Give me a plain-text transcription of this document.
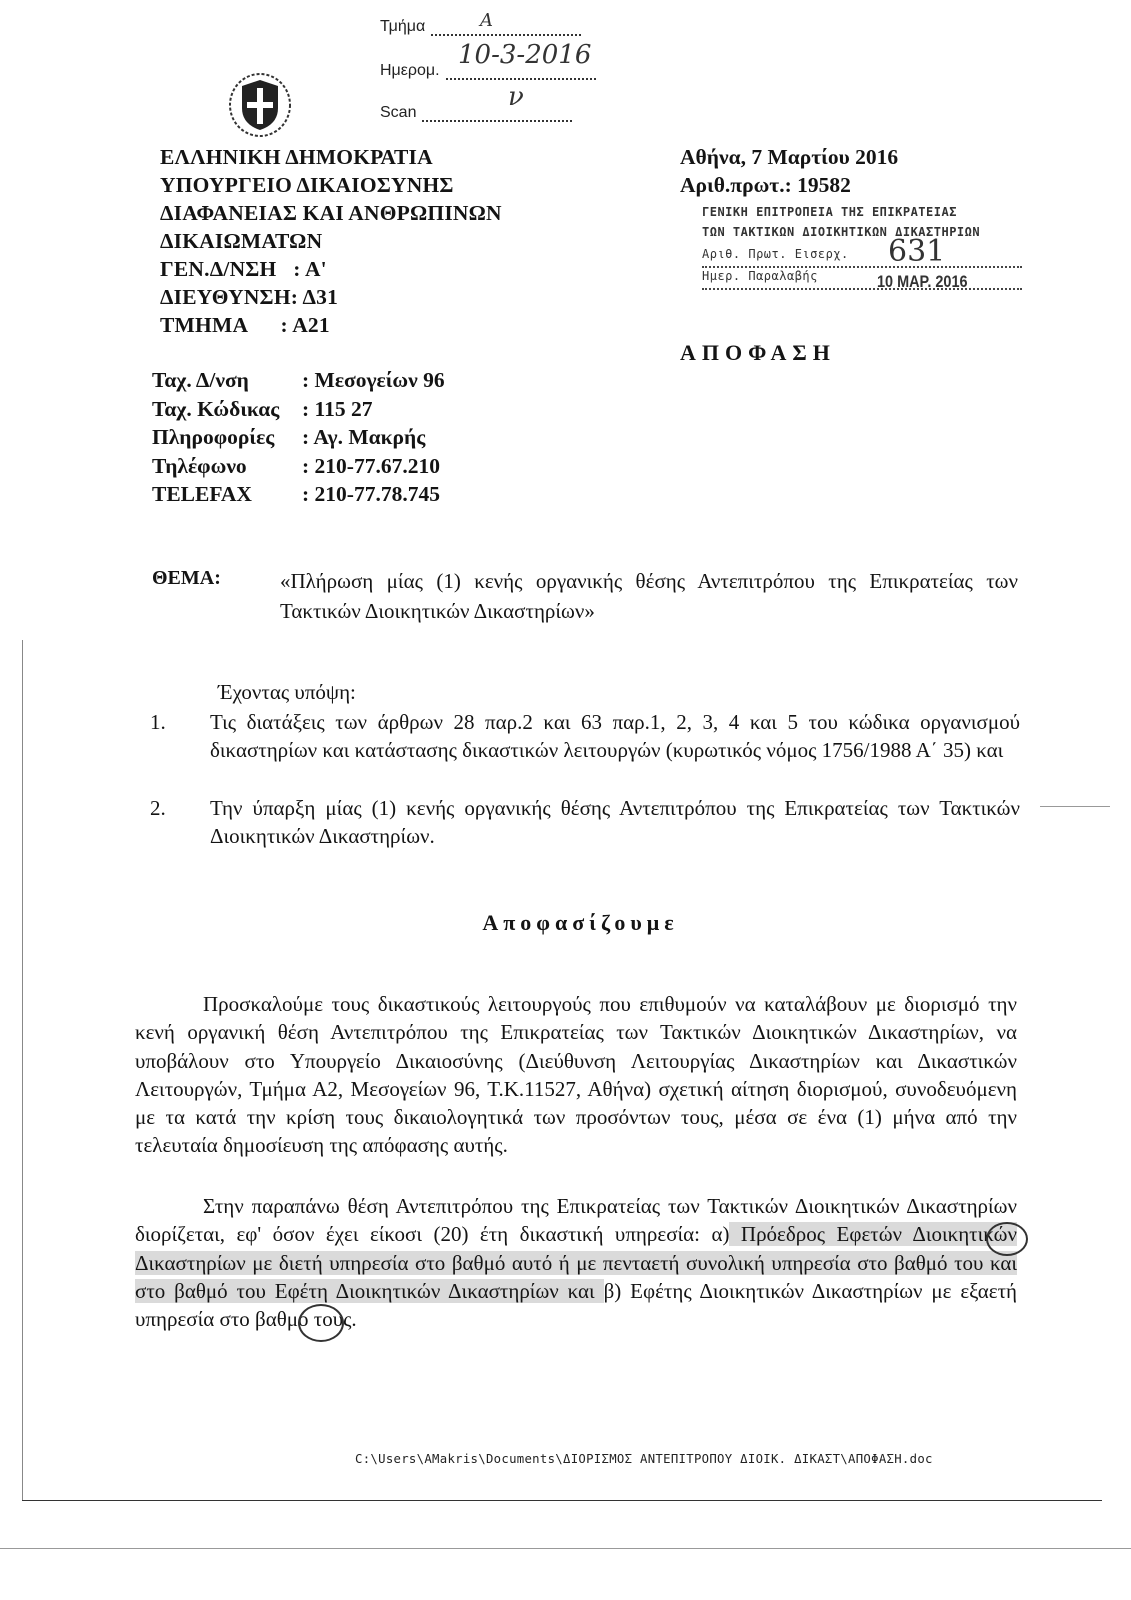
Τμήμα
Ημερομ.
Scan
Α
10-3-2016
ν
ΕΛΛΗΝΙΚΗ ΔΗΜΟΚΡΑΤΙΑ
ΥΠΟΥΡΓΕΙΟ ΔΙΚΑΙΟΣΥΝΗΣ
ΔΙΑΦΑΝΕΙΑΣ ΚΑΙ ΑΝΘΡΩΠΙΝΩΝ
ΔΙΚΑΙΩΜΑΤΩΝ
ΓΕΝ.Δ/ΝΣΗ   : Α'
ΔΙΕΥΘΥΝΣΗ: Δ31
ΤΜΗΜΑ      : Α21
Αθήνα, 7 Μαρτίου 2016
Αριθ.πρωτ.: 19582
ΓΕΝΙΚΗ ΕΠΙΤΡΟΠΕΙΑ ΤΗΣ ΕΠΙΚΡΑΤΕΙΑΣ
ΤΩΝ ΤΑΚΤΙΚΩΝ ΔΙΟΙΚΗΤΙΚΩΝ ΔΙΚΑΣΤΗΡΙΩΝ
Αριθ. Πρωτ. Εισερχ.
Ημερ. Παραλαβής
631
10 ΜΑΡ. 2016
ΑΠΟΦΑΣΗ
Ταχ. Δ/νση : Μεσογείων 96
Ταχ. Κώδικας : 115 27
Πληροφορίες : Αγ. Μακρής
Τηλέφωνο	: 210-77.67.210
TELEFAX : 210-77.78.745
ΘΕΜΑ:	«Πλήρωση μίας (1) κενής οργανικής θέσης Αντεπιτρόπου της Επικρατείας των Τακτικών Διοικητικών Δικαστηρίων»
Έχοντας υπόψη:
1. Τις διατάξεις των άρθρων 28 παρ.2 και 63 παρ.1, 2, 3, 4 και 5 του κώδικα οργανισμού δικαστηρίων και κατάστασης δικαστικών λειτουργών (κυρωτικός νόμος 1756/1988 Α΄ 35) και
2. Την ύπαρξη μίας (1) κενής οργανικής θέσης Αντεπιτρόπου της Επικρατείας των Τακτικών Διοικητικών Δικαστηρίων.
Αποφασίζουμε
Προσκαλούμε τους δικαστικούς λειτουργούς που επιθυμούν να καταλάβουν με διορισμό την κενή οργανική θέση Αντεπιτρόπου της Επικρατείας των Τακτικών Διοικητικών Δικαστηρίων, να υποβάλουν στο Υπουργείο Δικαιοσύνης (Διεύθυνση Λειτουργίας Δικαστηρίων και Δικαστικών Λειτουργών, Τμήμα Α2, Μεσογείων 96, Τ.Κ.11527, Αθήνα) σχετική αίτηση διορισμού, συνοδευόμενη με τα κατά την κρίση τους δικαιολογητικά των προσόντων τους, μέσα σε ένα (1) μήνα από την τελευταία δημοσίευση της απόφασης αυτής.
Στην παραπάνω θέση Αντεπιτρόπου της Επικρατείας των Τακτικών Διοικητικών Δικαστηρίων διορίζεται, εφ' όσον έχει είκοσι (20) έτη δικαστική υπηρεσία: α) Πρόεδρος Εφετών Διοικητικών Δικαστηρίων με διετή υπηρεσία στο βαθμό αυτό ή με πενταετή συνολική υπηρεσία στο βαθμό του και στο βαθμό του Εφέτη Διοικητικών Δικαστηρίων και β) Εφέτης Διοικητικών Δικαστηρίων με εξαετή υπηρεσία στο βαθμό τους.
C:\Users\AMakris\Documents\ΔΙΟΡΙΣΜΟΣ ΑΝΤΕΠΙΤΡΟΠΟΥ ΔΙΟΙΚ. ΔΙΚΑΣΤ\ΑΠΟΦΑΣΗ.doc
